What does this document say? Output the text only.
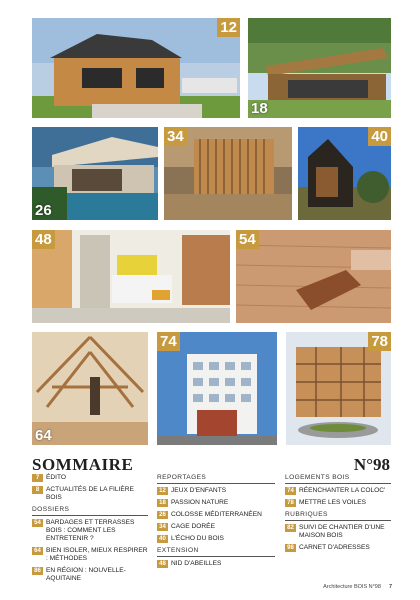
12
18
26
34	40
48	54
64
74	78
SOMMAIRE	N°98
7	ÉDITO
8	ACTUALITÉS DE LA FILIÈRE BOIS
DOSSIERS
54 BARDAGES ET TERRASSES BOIS : COMMENT LES ENTRETENIR ?
64 BIEN ISOLER, MIEUX RESPIRER : MÉTHODES
86 EN RÉGION : NOUVELLE-AQUITAINE
REPORTAGES
12 JEUX D'ENFANTS
18 PASSION NATURE
26 COLOSSE MÉDITERRANÉEN
34 CAGE DORÉE
40 L'ÉCHO DU BOIS
EXTENSION
48 NID D'ABEILLES
LOGEMENTS BOIS
74 RÉENCHANTER LA COLOC'
78 METTRE LES VOILES
RUBRIQUES
82 SUIVI DE CHANTIER D'UNE MAISON BOIS
98 CARNET D'ADRESSES
Architecture BOIS N°98 7
